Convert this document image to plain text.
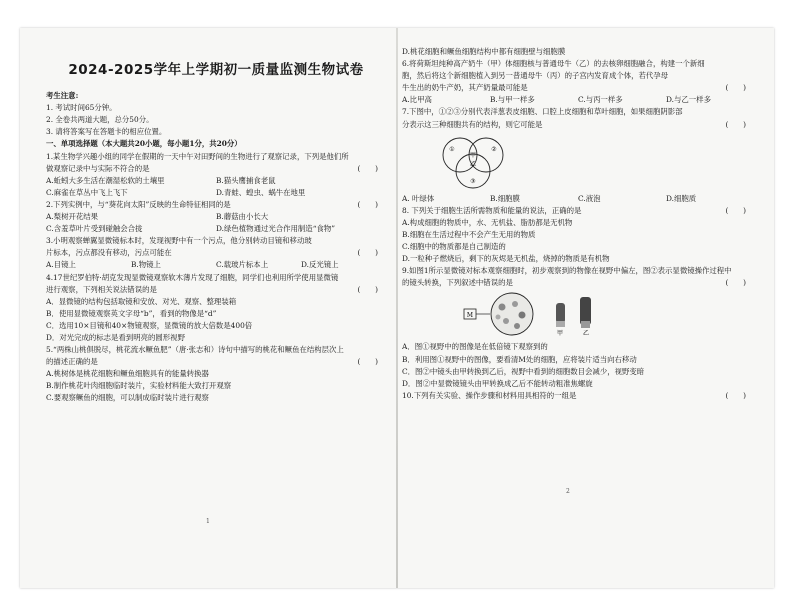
2024-2025学年上学期初一质量监测生物试卷
考生注意:
1. 考试时间65分钟。
2. 全卷共两道大题，总分50分。
3. 请将答案写在答题卡的相应位置。
一、单项选择题（本大题共20小题，每小题1分，共20分）
1.某生物学兴趣小组的同学在假期的一天中午对田野间的生物进行了观察记录，下列是他们所
做观察记录中与实际不符合的是	(　　)
A.蚯蚓大多生活在潮湿松软的土壤里	B.猫头鹰捕食老鼠
C.麻雀在草丛中飞上飞下	D.青蛙、蝗虫、蜗牛在地里
2.下列实例中，与“葵花向太阳”反映的生命特征相同的是	(　　)
A.梨树开花结果	B.蘑菇由小长大
C.含羞草叶片受到碰触会合拢	D.绿色植物通过光合作用制造“食物”
3.小明观察蝉翼显微镜标本时，发现视野中有一个污点，他分别转动目镜和移动玻
片标本，污点都没有移动，污点可能在	(　　)
A.目镜上	B.物镜上	C.载玻片标本上	D.反光镜上
4.17世纪罗伯特·胡克发现显微镜观察软木薄片发现了细胞，同学们也利用所学使用显微镜
进行观察，下列相关说法错误的是	(　　)
A．显微镜的结构包括取镜和安放、对光、观察、整理装箱
B．使用显微镜观察英文字母“b”，看到的物像是“d”
C．选用10×目镜和40×物镜观察，显微镜的放大倍数是400倍
D．对光完成的标志是看到明亮的圆形视野
5.“两株山桃俱脱尽，桃花流水鳜鱼肥”（唐·张志和）诗句中描写的桃花和鳜鱼在结构层次上
的描述正确的是	(　　)
A.桃树体是桃花细胞和鳜鱼细胞具有的能量转换器
B.制作桃花叶肉细胞临时装片，实验材料能大致打开观察
C.要观察鳜鱼的细胞，可以制成临时装片进行观察
1
D.桃花细胞和鳜鱼细胞结构中都有细胞壁与细胞膜
6.将荷斯坦纯种高产奶牛（甲）体细胞核与普通母牛（乙）的去核卵细胞融合，构建一个新细
胞，然后将这个新细胞植入到另一普通母牛（丙）的子宫内发育成个体，若代孕母
牛生出的奶牛产奶，其产奶量最可能是	(　　)
A.比甲高	B.与甲一样多	C.与丙一样多	D.与乙一样多
7.下图中，①②③分别代表洋葱表皮细胞、口腔上皮细胞和草叶细胞，如果细胞阴影部
分表示这三种细胞共有的结构，则它可能是	(　　)
甲
乙
①	②
③
A. 叶绿体	B.细胞膜	C.液泡	D.细胞质
8. 下列关于细胞生活所需物质和能量的说法，正确的是	(　　)
A.构成细胞的物质中，水、无机盐、脂肪都是无机物
B.细胞在生活过程中不会产生无用的物质
C.细胞中的物质都是自己制造的
D.一粒种子燃烧后，剩下的灰烬是无机盐，烧掉的物质是有机物
9.如图1所示显微镜对标本观察细胞时，初步观察到的物像在视野中偏左，图②表示显微镜操作过程中
的镜头转换，下列叙述中错误的是	(　　)
M
甲	乙
A．图①视野中的图像是在低倍镜下观察到的
B．利用图①视野中的图像，要看清M处的细胞，应将装片适当向右移动
C．图②中镜头由甲转换到乙后，视野中看到的细胞数目会减少，视野变暗
D．图②中显微镜镜头由甲转换成乙后不能转动粗准焦螺旋
10.下列有关实验、操作步骤和材料用具相符的一组是	(　　)
2
